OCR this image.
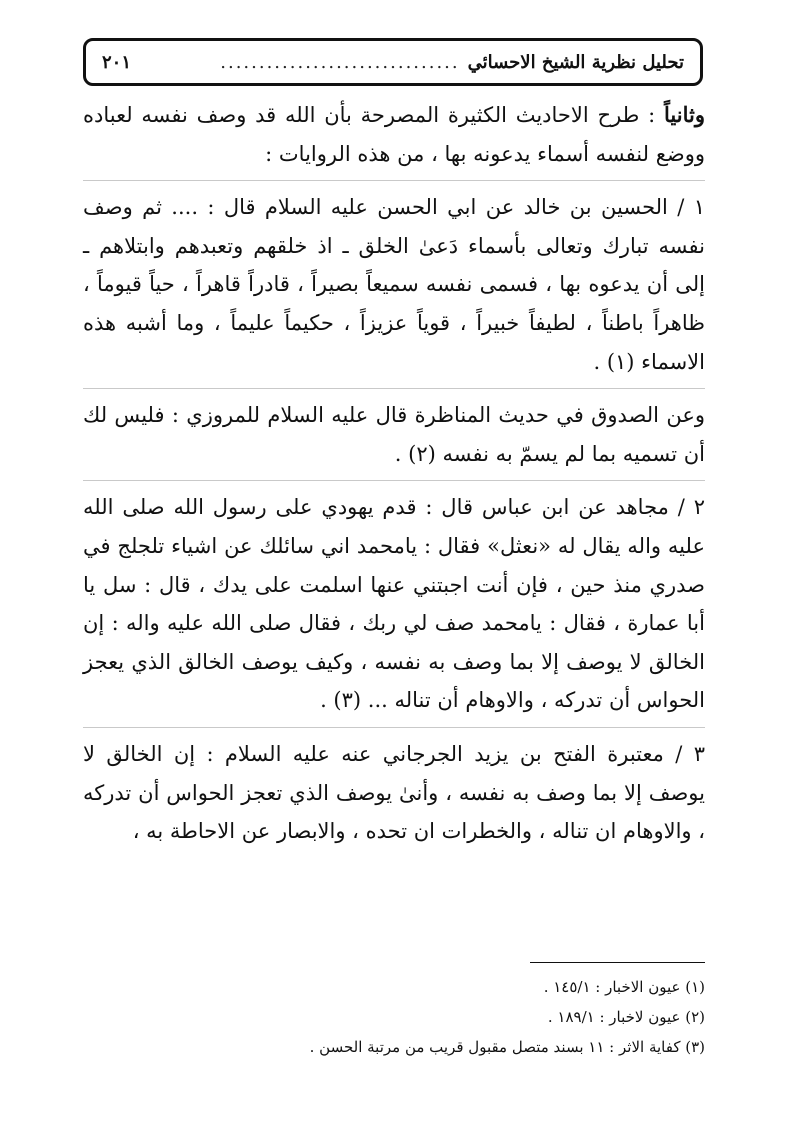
تحليل نظرية الشيخ الاحسائي
...............................
٢٠١

وثانياً : طرح الاحاديث الكثيرة المصرحة بأن الله قد وصف نفسه لعباده ووضع لنفسه أسماء يدعونه بها ، من هذه الروايات :

١ / الحسين بن خالد عن ابي الحسن عليه السلام قال : .... ثم وصف نفسه تبارك وتعالى بأسماء دَعىٰ الخلق ـ اذ خلقهم وتعبدهم وابتلاهم ـ إلى أن يدعوه بها ، فسمى نفسه سميعاً بصيراً ، قادراً قاهراً ، حياً قيوماً ، ظاهراً باطناً ، لطيفاً خبيراً ، قوياً عزيزاً ، حكيماً عليماً ، وما أشبه هذه الاسماء (١) .

وعن الصدوق في حديث المناظرة قال عليه السلام للمروزي : فليس لك أن تسميه بما لم يسمّ به نفسه (٢) .

٢ / مجاهد عن ابن عباس قال : قدم يهودي على رسول الله صلى الله عليه واله يقال له «نعثل» فقال : يامحمد اني سائلك عن اشياء تلجلج في صدري منذ حين ، فإن أنت اجبتني عنها اسلمت على يدك ، قال : سل يا أبا عمارة ، فقال : يامحمد صف لي ربك ، فقال صلى الله عليه واله : إن الخالق لا يوصف إلا بما وصف به نفسه ، وكيف يوصف الخالق الذي يعجز الحواس أن تدركه ، والاوهام أن تناله ... (٣) .

٣ / معتبرة الفتح بن يزيد الجرجاني عنه عليه السلام : إن الخالق لا يوصف إلا بما وصف به نفسه ، وأنىٰ يوصف الذي تعجز الحواس أن تدركه ، والاوهام ان تناله ، والخطرات ان تحده ، والابصار عن الاحاطة به ،

(١) عيون الاخبار : ١٤٥/١ .

(٢) عيون لاخبار : ١٨٩/١ .

(٣) كفاية الاثر : ١١ بسند متصل مقبول قريب من مرتبة الحسن .
